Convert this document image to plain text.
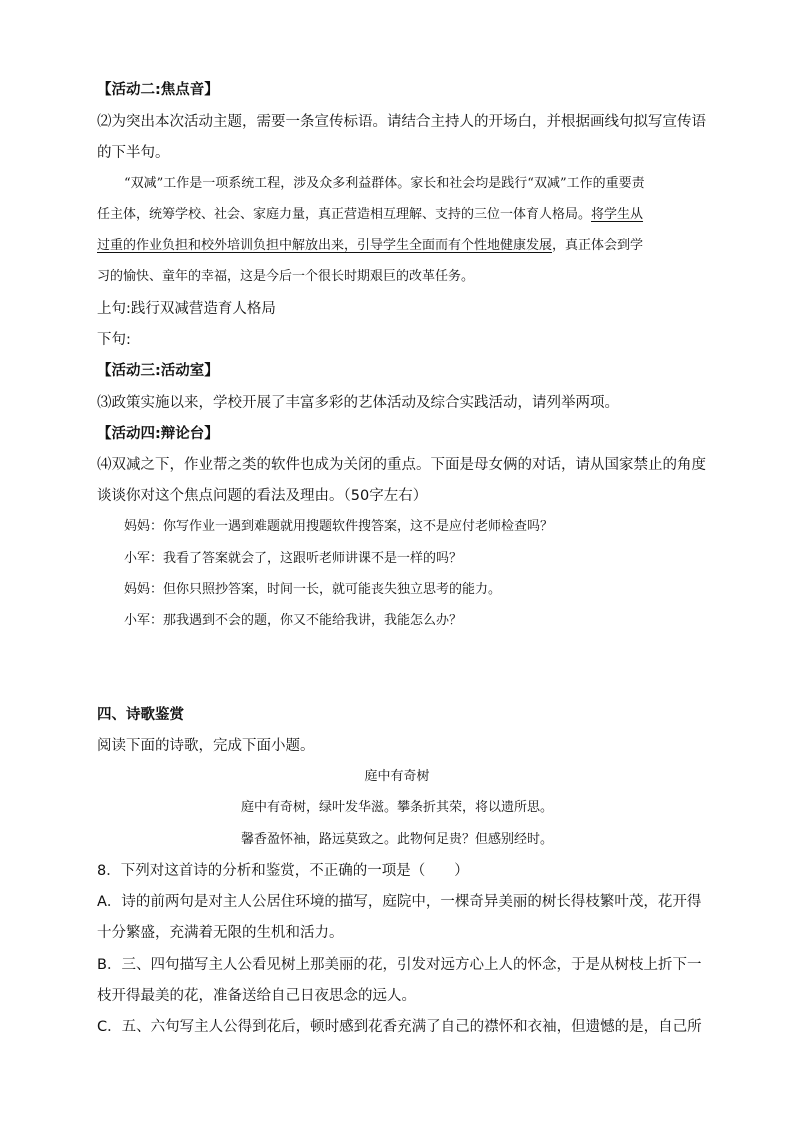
【活动二:焦点音】

⑵为突出本次活动主题，需要一条宣传标语。请结合主持人的开场白，并根据画线句拟写宣传语

的下半句。

“双减”工作是一项系统工程，涉及众多利益群体。家长和社会均是践行“双减”工作的重要责

任主体，统筹学校、社会、家庭力量，真正营造相互理解、支持的三位一体育人格局。将学生从

过重的作业负担和校外培训负担中解放出来，引导学生全面而有个性地健康发展，真正体会到学

习的愉快、童年的幸福，这是今后一个很长时期艰巨的改革任务。

上句:践行双减营造育人格局

下句:

【活动三:活动室】

⑶政策实施以来，学校开展了丰富多彩的艺体活动及综合实践活动，请列举两项。

【活动四:辩论台】

⑷双减之下，作业帮之类的软件也成为关闭的重点。下面是母女俩的对话，请从国家禁止的角度

谈谈你对这个焦点问题的看法及理由。（50字左右）

妈妈：你写作业一遇到难题就用搜题软件搜答案，这不是应付老师检查吗？

小军：我看了答案就会了，这跟听老师讲课不是一样的吗？

妈妈：但你只照抄答案，时间一长，就可能丧失独立思考的能力。

小军：那我遇到不会的题，你又不能给我讲，我能怎么办？

四、诗歌鉴赏

阅读下面的诗歌，完成下面小题。

庭中有奇树

庭中有奇树，绿叶发华滋。攀条折其荣，将以遗所思。

馨香盈怀袖，路远莫致之。此物何足贵？但感别经时。

8．下列对这首诗的分析和鉴赏，不正确的一项是（　　）

A．诗的前两句是对主人公居住环境的描写，庭院中，一棵奇异美丽的树长得枝繁叶茂，花开得

十分繁盛，充满着无限的生机和活力。

B．三、四句描写主人公看见树上那美丽的花，引发对远方心上人的怀念，于是从树枝上折下一

枝开得最美的花，准备送给自己日夜思念的远人。

C．五、六句写主人公得到花后，顿时感到花香充满了自己的襟怀和衣袖，但遗憾的是，自己所
